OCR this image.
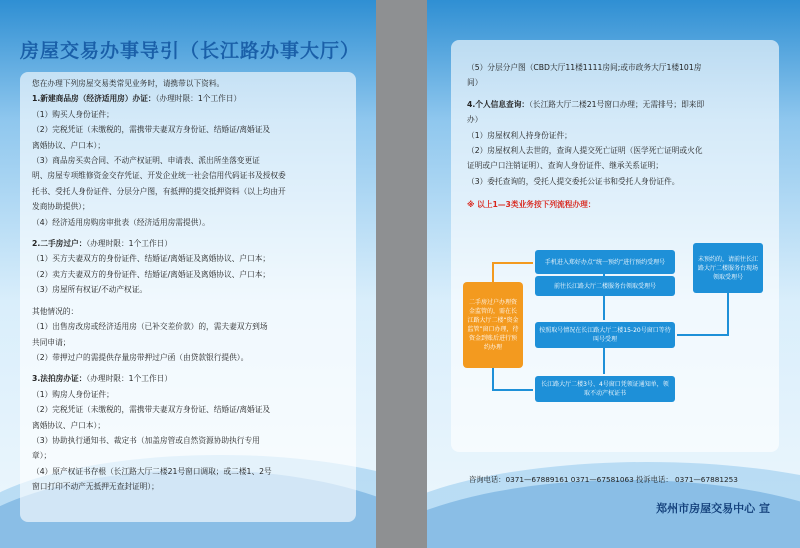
房屋交易办事导引（长江路办事大厅）

您在办理下列房屋交易类常见业务时，请携带以下资料。

1.新建商品房（经济适用房）办证：（办理时限：1个工作日）

（1）购买人身份证件；

（2）完税凭证（未缴税的，需携带夫妻双方身份证、结婚证/离婚证及

离婚协议、户口本）；

（3）商品房买卖合同、不动产权证明、申请表、派出所坐落变更证

明、房屋专项维修资金交存凭证、开发企业统一社会信用代码证书及授权委

托书、受托人身份证件、分层分户图，有抵押的提交抵押资料（以上均由开

发商协助提供）；

（4）经济适用房购房审批表（经济适用房需提供）。

2.二手房过户：（办理时限：1个工作日）

（1）买方夫妻双方的身份证件、结婚证/离婚证及离婚协议、户口本；

（2）卖方夫妻双方的身份证件、结婚证/离婚证及离婚协议、户口本；

（3）房屋所有权证/不动产权证。

其他情况的：

（1）出售房改房或经济适用房（已补交差价款）的，需夫妻双方到场

共同申请；

（2）带押过户的需提供存量房带押过户函（由贷款银行提供）。

3.法拍房办证：（办理时限：1个工作日）

（1）购房人身份证件；

（2）完税凭证（未缴税的，需携带夫妻双方身份证、结婚证/离婚证及

离婚协议、户口本）；

（3）协助执行通知书、裁定书（加盖房管或自然资源协助执行专用

章）；

（4）原产权证书存根（长江路大厅二楼21号窗口调取；或二楼1、2号

窗口打印不动产无抵押无查封证明）；

（5）分层分户图（CBD大厅11楼1111房间;或市政务大厅1楼101房

间）

4.个人信息查询：（长江路大厅二楼21号窗口办理；无需排号；即来即

办）

（1）房屋权利人持身份证件；

（2）房屋权利人去世的，查询人提交死亡证明（医学死亡证明或火化

证明或户口注销证明）、查询人身份证件、继承关系证明；

（3）委托查询的，受托人提交委托公证书和受托人身份证件。

※ 以上1—3类业务按下列流程办理：

手机进入郑好办点“统一预约”进行预约受理号
前往长江路大厅二楼服务台领取受理号
按照取号情况在长江路大厅二楼15-20号窗口等待叫号受理
长江路大厅二楼3号、4号窗口凭领证通知单，领取不动产权证书
二手房过户办理资金监管的，需在长江路大厅二楼“资金监管”窗口办理，待资金到账后进行预约办理
未预约的，请前往长江路大厅二楼服务台现场领取受理号
咨询电话：0371—67889161 0371—67581063 投诉电话： 0371—67881253
郑州市房屋交易中心 宣
